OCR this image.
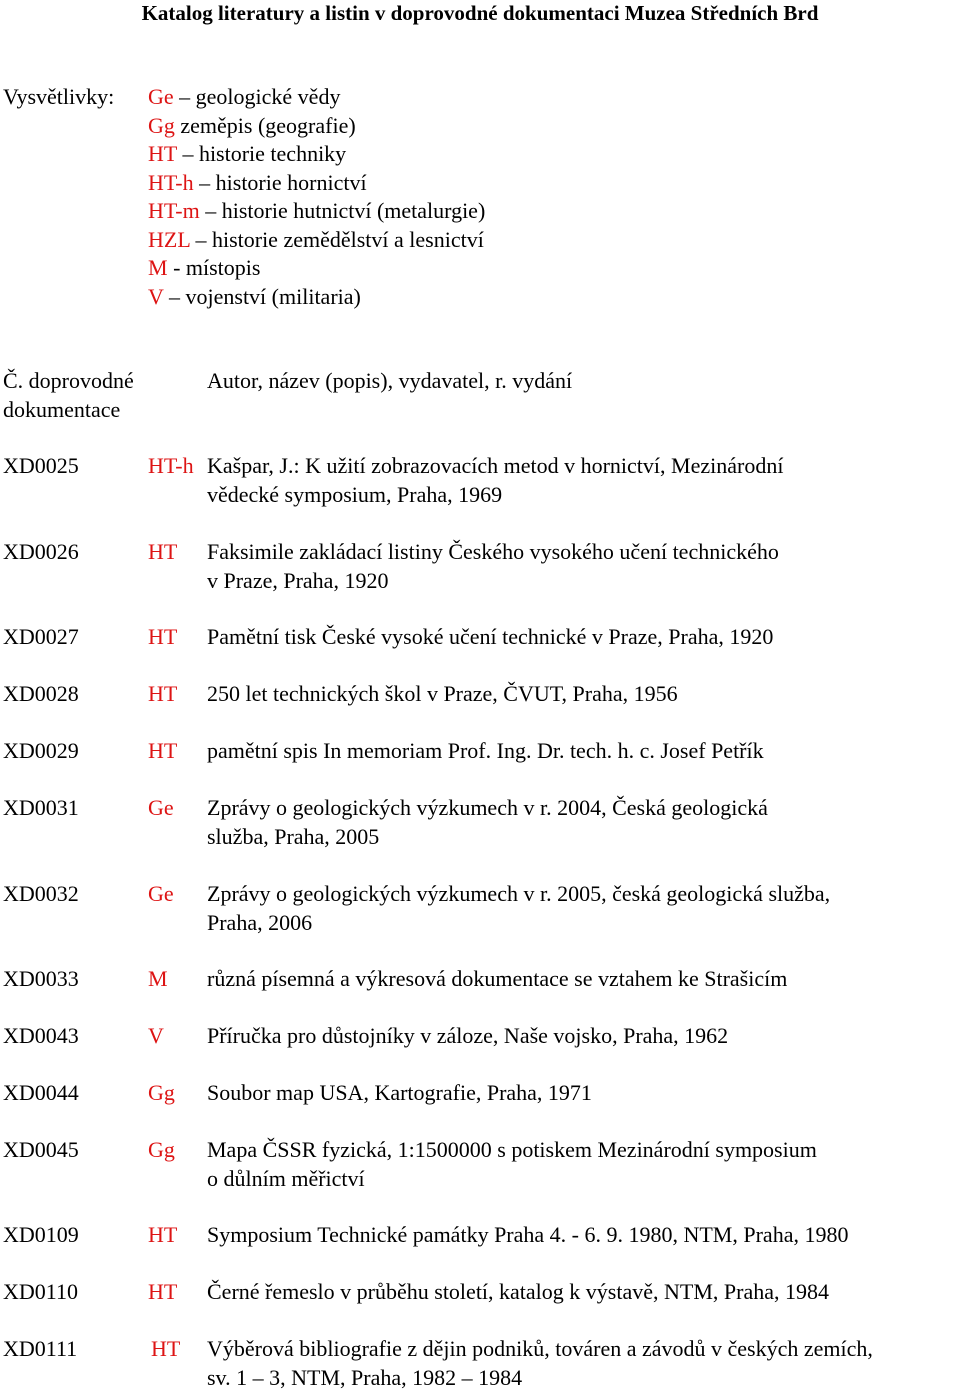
Katalog literatury a listin v doprovodné dokumentaci Muzea Středních Brd
Vysvětlivky: Ge – geologické vědy
Gg zeměpis (geografie)
HT – historie techniky
HT-h – historie hornictví
HT-m – historie hutnictví (metalurgie)
HZL – historie zemědělství a lesnictví
M - místopis
V – vojenství (militaria)
Č. doprovodné dokumentace
Autor, název (popis), vydavatel, r. vydání
XD0025	HT-h Kašpar, J.: K užití zobrazovacích metod v hornictví, Mezinárodní
vědecké symposium, Praha, 1969
XD0026	HT Faksimile zakládací listiny Českého vysokého učení technického
v Praze, Praha, 1920
XD0027	HT Pamětní tisk České vysoké učení technické v Praze, Praha, 1920
XD0028	HT 250 let technických škol v Praze, ČVUT, Praha, 1956
XD0029	HT pamětní spis In memoriam Prof. Ing. Dr. tech. h. c. Josef Petřík
XD0031	Ge Zprávy o geologických výzkumech v r. 2004, Česká geologická
služba, Praha, 2005
XD0032	Ge Zprávy o geologických výzkumech v r. 2005, česká geologická služba,
Praha, 2006
XD0033	M různá písemná a výkresová dokumentace se vztahem ke Strašicím
XD0043	V Příručka pro důstojníky v záloze, Naše vojsko, Praha, 1962
XD0044	Gg Soubor map USA, Kartografie, Praha, 1971
XD0045	Gg Mapa ČSSR fyzická, 1:1500000 s potiskem Mezinárodní symposium
o důlním měřictví
XD0109	HT Symposium Technické památky Praha 4. - 6. 9. 1980, NTM, Praha, 1980
XD0110	HT Černé řemeslo v průběhu století, katalog k výstavě, NTM, Praha, 1984
XD0111	HT Výběrová bibliografie z dějin podniků, továren a závodů v českých zemích,
sv. 1 – 3, NTM, Praha, 1982 – 1984
